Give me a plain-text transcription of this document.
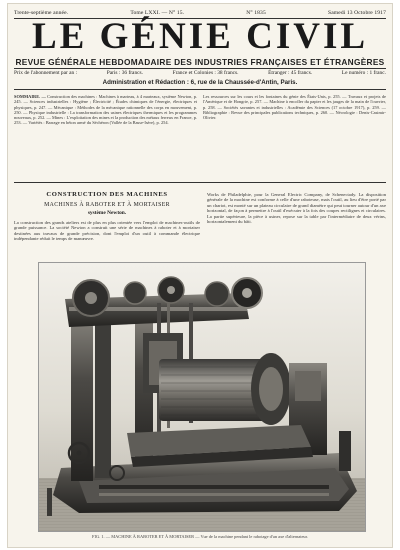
Trente-septième année.	Tome LXXI. — N° 15.	N° 1835	Samedi 13 Octobre 1917
LE GÉNIE CIVIL
REVUE GÉNÉRALE HEBDOMADAIRE DES INDUSTRIES FRANÇAISES ET ÉTRANGÈRES
Prix de l'abonnement par an :	Paris : 36 francs.	France et Colonies : 38 francs.	Étranger : 45 francs.	Le numéro : 1 franc.
Administration et Rédaction : 6, rue de la Chaussée-d'Antin, Paris.
SOMMAIRE. — Construction des machines : Machines à marteau, à 4 marteaux, système Newton, p. 245. — Sciences industrielles : Hygiène ; Électricité ; Études chimiques de l'énergie, électriques et physiques, p. 247. — Mécanique : Méthodes de la mécanique rationnelle des corps en mouvement, p. 250. — Physique industrielle : La transformation des usines électriques thermiques et les programmes nouveaux, p. 252. — Mines : L'exploitation des mines et la production des métaux ferreux en France, p. 253. — Variétés : Barrage en béton armé du Séchéron (Vallée de la Basse-Isère), p. 254.
Les ressources sur les cours et les fontaines du génie des États-Unis, p. 255. — Travaux et projets de l'Amérique et de Hongrie, p. 257. — Machine à encoller du papier et les jauges de la main de l'ouvrier, p. 258. — Sociétés savantes et industrielles : Académie des Sciences (17 octobre 1917), p. 259. — Bibliographie : Revue des principales publications techniques, p. 260. — Nécrologie : Denis-Casimir-Olivier.
CONSTRUCTION DES MACHINES
MACHINES À RABOTER ET À MORTAISER
système Newton.
La construction des grands ateliers est de plus en plus orientée vers l'emploi de machines-outils de grande puissance. La société Newton a construit une série de machines à raboter et à mortaiser destinées aux travaux de grande précision, dont l'emploi d'un outil à commande électrique indépendante réduit le temps de manœuvre.
Works de Philadelphie, pour la General Electric Company, de Schenectady. La disposition générale de la machine est conforme à celle d'une raboteuse, mais l'outil, au lieu d'être porté par un chariot, est monté sur un plateau circulaire de grand diamètre qui peut tourner autour d'un axe horizontal, de façon à permettre à l'outil d'exécuter à la fois des coupes rectilignes et circulaires. La partie supérieure, la pièce à usiner, repose sur la table par l'intermédiaire de deux vérins, horizontalement du bâti.
FIG. 1. — MACHINE À RABOTER ET À MORTAISER — Vue de la machine pendant le rabotage d'un axe d'alternateur.
